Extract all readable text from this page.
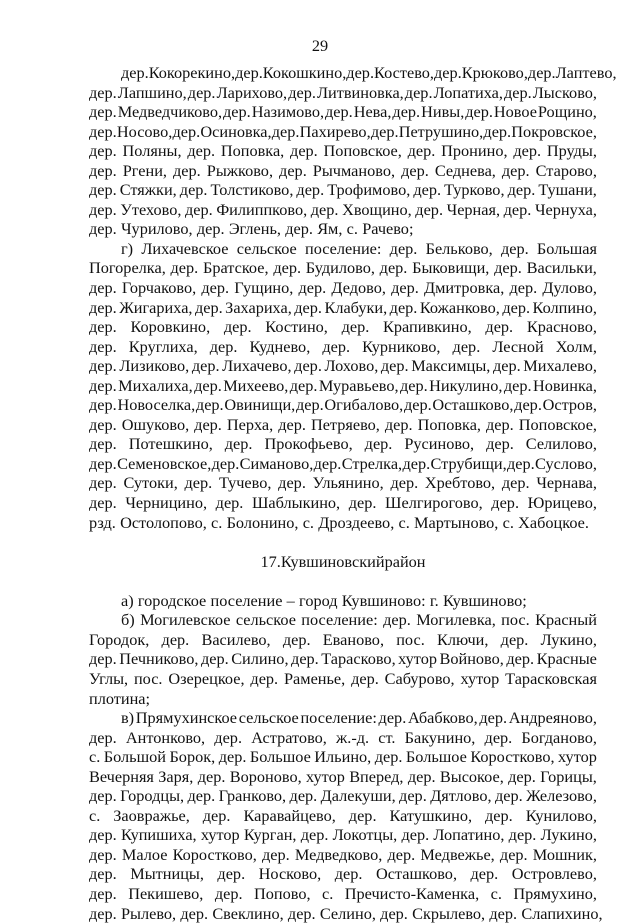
29
дер. Кокорекино, дер. Кокошкино, дер. Костево, дер. Крюково, дер. Лаптево,
дер. Лапшино, дер. Ларихово, дер. Литвиновка, дер. Лопатиха, дер. Лысково,
дер. Медведчиково, дер. Назимово, дер. Нева, дер. Нивы, дер. Новое Рощино,
дер. Носово, дер. Осиновка, дер. Пахирево, дер. Петрушино, дер. Покровское,
дер. Поляны, дер. Поповка, дер. Поповское, дер. Пронино, дер. Пруды,
дер. Ргени, дер. Рыжково, дер. Рычманово, дер. Седнева, дер. Старово,
дер. Стяжки, дер. Толстиково, дер. Трофимово, дер. Турково, дер. Тушани,
дер. Утехово, дер. Филиппково, дер. Хвощино, дер. Черная, дер. Чернуха,
дер. Чурилово, дер. Эглень, дер. Ям, с. Рачево;
г) Лихачевское сельское поселение: дер. Бельково, дер. Большая
Погорелка, дер. Братское, дер. Будилово, дер. Быковищи, дер. Васильки,
дер. Горчаково, дер. Гущино, дер. Дедово, дер. Дмитровка, дер. Дулово,
дер. Жигариха, дер. Захариха, дер. Клабуки, дер. Кожанково, дер. Колпино,
дер. Коровкино, дер. Костино, дер. Крапивкино, дер. Красново,
дер. Круглиха, дер. Куднево, дер. Курниково, дер. Лесной Холм,
дер. Лизиково, дер. Лихачево, дер. Лохово, дер. Максимцы, дер. Михалево,
дер. Михалиха, дер. Михеево, дер. Муравьево, дер. Никулино, дер. Новинка,
дер. Новоселка, дер. Овинищи, дер. Огибалово, дер. Осташково, дер. Остров,
дер. Ошуково, дер. Перха, дер. Петряево, дер. Поповка, дер. Поповское,
дер. Потешкино, дер. Прокофьево, дер. Русиново, дер. Селилово,
дер. Семеновское, дер. Симаново, дер. Стрелка, дер. Струбищи, дер. Суслово,
дер. Сутоки, дер. Тучево, дер. Ульянино, дер. Хребтово, дер. Чернава,
дер. Черницино, дер. Шаблыкино, дер. Шелгирогово, дер. Юрицево,
рзд. Остолопово, с. Болонино, с. Дроздеево, с. Мартыново, с. Хабоцкое.
17. Кувшиновский район
а) городское поселение – город Кувшиново: г. Кувшиново;
б) Могилевское сельское поселение: дер. Могилевка, пос. Красный
Городок, дер. Василево, дер. Еваново, пос. Ключи, дер. Лукино,
дер. Печниково, дер. Силино, дер. Тарасково, хутор Войново, дер. Красные
Углы, пос. Озерецкое, дер. Раменье, дер. Сабурово, хутор Тарасковская
плотина;
в) Прямухинское сельское поселение: дер. Абабково, дер. Андреяново,
дер. Антонково, дер. Астратово, ж.-д. ст. Бакунино, дер. Богданово,
с. Большой Борок, дер. Большое Ильино, дер. Большое Коростково, хутор
Вечерняя Заря, дер. Вороново, хутор Вперед, дер. Высокое, дер. Горицы,
дер. Городцы, дер. Гранково, дер. Далекуши, дер. Дятлово, дер. Железово,
с. Заовражье, дер. Каравайцево, дер. Катушкино, дер. Кунилово,
дер. Купишиха, хутор Курган, дер. Локотцы, дер. Лопатино, дер. Лукино,
дер. Малое Коростково, дер. Медведково, дер. Медвежье, дер. Мошник,
дер. Мытницы, дер. Носково, дер. Осташково, дер. Островлево,
дер. Пекишево, дер. Попово, с. Пречисто-Каменка, с. Прямухино,
дер. Рылево, дер. Свеклино, дер. Селино, дер. Скрылево, дер. Слапихино,
